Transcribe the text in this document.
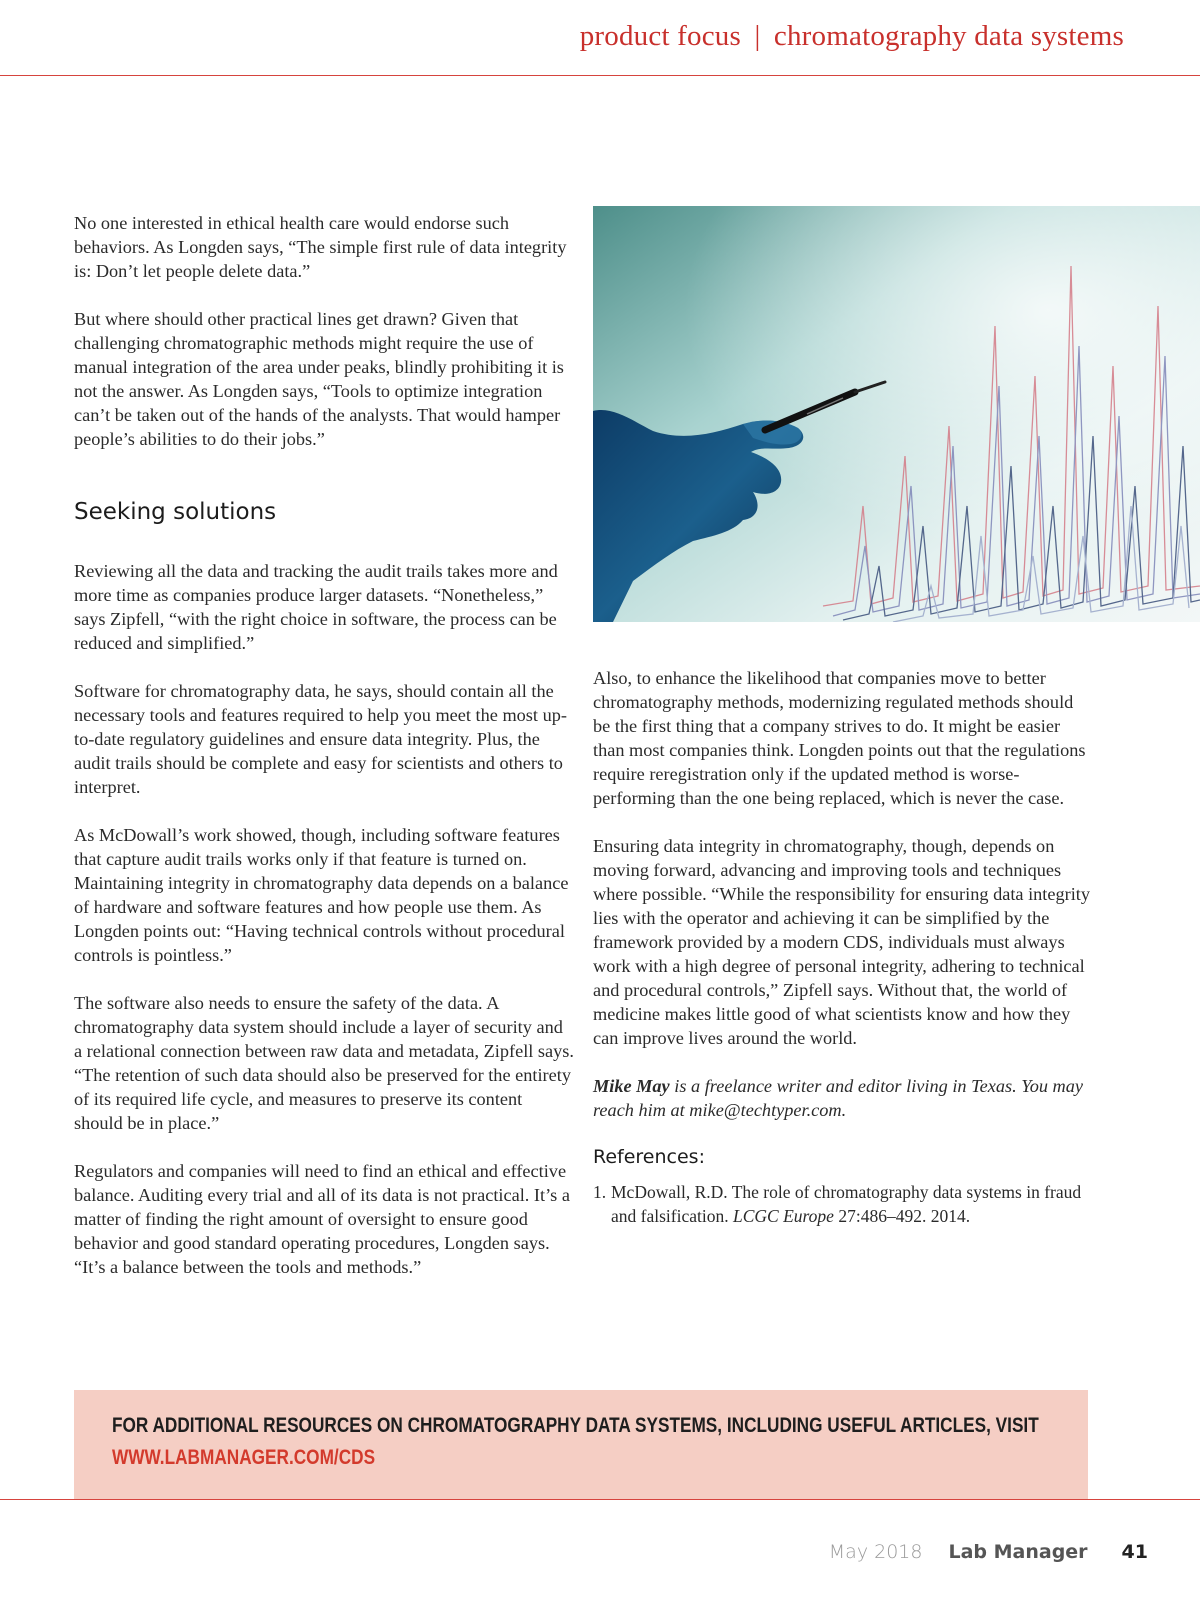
product focus | chromatography data systems

No one interested in ethical health care would endorse such behaviors. As Longden says, “The simple first rule of data integrity is: Don’t let people delete data.”

But where should other practical lines get drawn? Given that challenging chromatographic methods might require the use of manual integration of the area under peaks, blindly prohibiting it is not the answer. As Longden says, “Tools to optimize integration can’t be taken out of the hands of the analysts. That would hamper people’s abilities to do their jobs.”

Seeking solutions

Reviewing all the data and tracking the audit trails takes more and more time as companies produce larger datasets. “Nonetheless,” says Zipfell, “with the right choice in software, the process can be reduced and simplified.”

Software for chromatography data, he says, should contain all the necessary tools and features required to help you meet the most up-to-date regulatory guidelines and ensure data integrity. Plus, the audit trails should be complete and easy for scientists and others to interpret.

As McDowall’s work showed, though, including software features that capture audit trails works only if that feature is turned on. Maintaining integrity in chromatography data depends on a balance of hardware and software features and how people use them. As Longden points out: “Having technical controls without procedural controls is pointless.”

The software also needs to ensure the safety of the data. A chromatography data system should include a layer of security and a relational connection between raw data and metadata, Zipfell says. “The retention of such data should also be preserved for the entirety of its required life cycle, and measures to preserve its content should be in place.”

Regulators and companies will need to find an ethical and effective balance. Auditing every trial and all of its data is not practical. It’s a matter of finding the right amount of oversight to ensure good behavior and good standard operating procedures, Longden says. “It’s a balance between the tools and methods.”

Also, to enhance the likelihood that companies move to better chromatography methods, modernizing regulated methods should be the first thing that a company strives to do. It might be easier than most companies think. Longden points out that the regulations require reregistration only if the updated method is worse-performing than the one being replaced, which is never the case.

Ensuring data integrity in chromatography, though, depends on moving forward, advancing and improving tools and techniques where possible. “While the responsibility for ensuring data integrity lies with the operator and achieving it can be simplified by the framework provided by a modern CDS, individuals must always work with a high degree of personal integrity, adhering to technical and procedural controls,” Zipfell says. Without that, the world of medicine makes little good of what scientists know and how they can improve lives around the world.

Mike May is a freelance writer and editor living in Texas. You may reach him at mike@techtyper.com.

References:
1. McDowall, R.D. The role of chromatography data systems in fraud and falsification. LCGC Europe 27:486–492. 2014.
FOR ADDITIONAL RESOURCES ON CHROMATOGRAPHY DATA SYSTEMS, INCLUDING USEFUL ARTICLES, VISIT
WWW.LABMANAGER.COM/CDS
May 2018 Lab Manager 41
